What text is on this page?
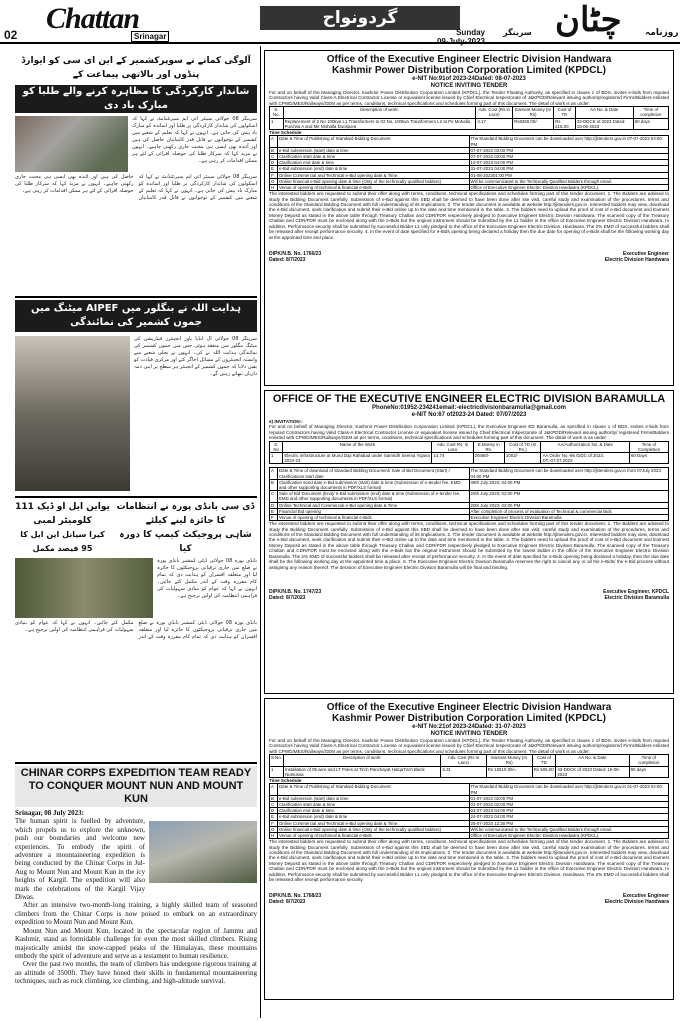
02 Chattan
Srinagar
گردونواح
Sunday
09-July-2023
سرینگر چٹان	روزنامہ
آلوگی کمانے نے سوپرکشمیر کے این ای سی کو ایوارڈ پنڈوں اور بالاتھی پیماعت کے
شاندار کارکردگی کا مظاہرہ کرنے والے طلبا کو مبارک باد دی
سرینگر 08 جولائی سینئر آئی ایم سپرنٹنڈنٹ نے کہا کہ اسکولوں کی شاندار کارکردگی پر طلبا اور اساتذہ کو مبارک باد پیش کی جاتی ہے۔ انہوں نے کہا کہ تعلیم کے شعبے میں کشمیر کے نوجوانوں نے قابل قدر کامیابیاں حاصل کی ہیں اور آئندہ بھی ایسی ہی محنت جاری رکھنی چاہیے۔ انہوں نے مزید کہا کہ سرکار طلبا کی حوصلہ افزائی کے لئے ہر ممکن اقدامات کر رہی ہے۔
سرینگر 08 جولائی سینئر آئی ایم سپرنٹنڈنٹ نے کہا کہ اسکولوں کی شاندار کارکردگی پر طلبا اور اساتذہ کو مبارک باد پیش کی جاتی ہے۔ انہوں نے کہا کہ تعلیم کے شعبے میں کشمیر کے نوجوانوں نے قابل قدر کامیابیاں حاصل کی ہیں اور آئندہ بھی ایسی ہی محنت جاری رکھنی چاہیے۔ انہوں نے مزید کہا کہ سرکار طلبا کی حوصلہ افزائی کے لئے ہر ممکن اقدامات کر رہی ہے۔
ہدایت اللہ نے بنگلور میں AIPEF میٹنگ میں جموں کشمیر کی نمائندگی
سرینگر 08 جولائی آل انڈیا پاور انجینئرز فیڈریشن کی میٹنگ بنگلور میں منعقد ہوئی جس میں جموں کشمیر کی نمائندگی ہدایت اللہ نے کی۔ انہوں نے بجلی شعبے سے وابستہ انجینئروں کے مسائل اجاگر کئے اور مرکزی قیادت کو یقین دلایا کہ جموں کشمیر کے انجینئر ہر سطح پر اپنی ذمہ داریاں نبھاتے رہیں گے۔
یواین ایل او ڈیک 111 کلومیٹر لمبی
کیرا سیانل این ایل کا 95 فیصد مکمل
ڈی سی بانڈی پورہ نے انتظامات کا جائزہ لینے کیلئے
شاہی پروجیکٹ کیمپ کا دورہ کیا
بانڈی پورہ 08 جولائی ڈپٹی کمشنر بانڈی پورہ نے ضلع میں جاری ترقیاتی پروجیکٹوں کا جائزہ لیا اور متعلقہ افسران کو ہدایت دی کہ تمام کام مقررہ وقت کے اندر مکمل کئے جائیں۔ انہوں نے کہا کہ عوام کو بنیادی سہولیات کی فراہمی انتظامیہ کی اولین ترجیح ہے۔
بانڈی پورہ 08 جولائی ڈپٹی کمشنر بانڈی پورہ نے ضلع میں جاری ترقیاتی پروجیکٹوں کا جائزہ لیا اور متعلقہ افسران کو ہدایت دی کہ تمام کام مقررہ وقت کے اندر مکمل کئے جائیں۔ انہوں نے کہا کہ عوام کو بنیادی سہولیات کی فراہمی انتظامیہ کی اولین ترجیح ہے۔
CHINAR CORPS EXPEDITION TEAM READY TO CONQUER MOUNT NUN AND MOUNT KUN
Srinagar, 08 July 2023:
The human spirit is fuelled by adventure, which propels us to explore the unknown, push our boundaries and welcome new experiences. To embody the spirit of adventure a mountaineering expedition is being conducted by the Chinar Corps in Jul-Aug to Mount Nun and Mount Kun in the icy heights of Kargil. The expedition will also mark the celebrations of the Kargil Vijay Diwas.
After an intensive two-month-long training, a highly skilled team of seasoned climbers from the Chinar Corps is now poised to embark on an extraordinary expedition to Mount Nun and Mount Kun.
Mount Nun and Mount Kun, located in the spectacular region of Jammu and Kashmir, stand as formidable challenge for even the most skilled climbers. Rising majestically amidst the snow-capped peaks of the Himalayas, these mountains embody the spirit of adventure and serve as a testament to human resilience.
Over the past two months, the team of climbers has undergone rigorous training at an altitude of 3500ft. They have honed their skills in fundamental mountaineering techniques, such as rock climbing, ice climbing, and high-altitude survival.
Office of the Executive Engineer Electric Division Handwara
Kashmir Power Distribution Corporation Limited (KPDCL)
e-NIT No:91of 2023-24Dated: 08-07-2023
NOTICE INVITING TENDER
For and on behalf of the Managing Director, Kashmir Power Distribution Corporation Limited (KPDCL), the Tender Floating Authority, as specified in clause 1 of BDS, invites e-bids from reputed Contractors having Valid Class-A Electrical Contractor License or equivalent license issued by Chief Electrical Inspectorate of J&KPDD/Relevant issuing authority/registered Firms/Bidders enlisted with CPWD/MES/Railways/GEM as per terms, conditions, technical specifications and schedules forming part of this document. The detail of work is as under:
S. No.	Description of work:	Adv. Cost (Rs in Lacs)	Earnest Money (In Rs)	Cost of TD	AA No. & Date	Time of completion
1	Replacement of 2 No 100kva L1 Transformers to 02 No. 100kva Transformers L2 at Pir Mohalla Punzwa A and Mir Mohalla Doolipora	4.17	Rs8350.00/-	Rs 215.00	32-DDCK of 2023 Dated: 15-06-2023	90 days
Time Schedule
A	Date & Time of Publishing of Standard Bidding Document	The Standard Bidding Document can be downloaded over http://jktenders.gov.in 07-07-2023 03:00 PM
B	e-Bid submission (start) date & time	07-07-2023 03:00 PM
C	Clarification start date & time	07-07-2023 03:00 PM
D	Clarification end date & time	10-07-2023 04:00 PM
E	e-Bid submission (end) date & time	31-07-2023 04:00 PM
F	Online Commercial and Technical e-Bid opening date & Time.	01-08-202301:00 PM
G	Online financial e-Bid opening date & time (Only of the technically qualified bidders)	Will be communicated to the Technically Qualified Bidders through email.
H	Venue of opening of technical & financial e-Bids	Office of Executive Engineer Electric Division Handwara (KPDCL).
The interested bidders are requested to submit their offer along with terms, conditions, technical specifications and schedules forming part of this tender document. 1. The Bidders are advised to study the Bidding Document carefully. Submission of e-Bid against this SBD shall be deemed to have been done after site visit, careful study and examination of the procedures, terms and conditions of the Standard Bidding Document with full understanding of its implications. 2. The tender document is available at website http://jktenders.gov.in. Interested bidders may view, download the e-Bid document, seek clarification and submit their e-Bid online up to the date and time mentioned in the table. 3. The bidders need to upload the proof of cost of e-Bid document and Earnest Money Deposit as stated in the above table through Treasury Challan and CDR/FDR respectively pledged to Executive Engineer Electric Division Handwara. The scanned copy of the Treasury Challan and CDR/FDR must be enclosed along with the e-Bids but the original instrument should be submitted by the L1 bidder in the office of Executive Engineer Electric Division Handwara. In addition, Performance security shall be submitted by successful Bidder L1 only pledged to the office of the Executive Engineer Electric Division. Handwara. The 2% EMD of successful bidders shall be released after receipt performance security. 4. In the event of date specified for e-Bids opening being declared a holiday then the due date for opening of e-Bids shall be the following working day at the appointed time and place.
DIPK/N.B. No. 1766/23
Dated: 8/7/2023
Executive Engineer
Electric Division Handwara
OFFICE OF THE EXECUTIVE ENGINEER ELECTRIC DIVISION BARAMULLA
PhoneNo:01952-234241email:-electricdivisionbaramulla@gmail.com
e-NIT No:67 of2023-24 Dated: 07/07/2023
e) INVITATION:-
For and on behalf of Managing Director, Kashmir Power Distribution Corporation Limited (KPDCL), the Executive Engineer ED Baramulla, as specified in clause 1 of BDS, invites e-bids from reputed Contractors having Valid Class-A Electrical Contractor License or equivalent license issued by Chief Electrical Inspectorate of J&KPDD/Relevant issuing authority/ registered Firms/Bidders enlisted with CPWD/MES/Railways/GEM as per terms, conditions, technical specifications and schedules forming part of this document. The detail of work is as under:
S. No	Name of the Work	Adv. Cost Rs. In Lacs	E.Money in Rs.	Cost of TD (In Rs.)	AA/Authorization No. & Date	Time of Completion
1	Electric infrastructure at Mund Daji Rafiabad under Samridh Seema Yojana 2023-24	14.74	29480/-	1003/-	AA Order No.-96 /DDC of 2023, DT.-07.07.2023	60 Days
A	Date & Time of download of Standard Bidding Document/ Sale of Bid Document (Start) / Clarifications start date	The Standard Bidding Document can be downloaded over http://jktenders.gov.in from 07July 2023; 04:00 PM
B	Clarification send date e-Bid submission (start) date & time (Submission of e-tender fee, EMD and other supporting documents in PDF/XLS format)	08th July 2023; 04:00 PM
C	Sale of Bid Document (End)/ e-Bid submission (end) date & time (Submission of e-tender fee, EMD and other supporting documents in PDF/XLS format)	20th July 2023; 02:00 PM
D	Online Technical and Commercial e-Bid opening date & Time	20th July 2023; 02:00 PM
E	Financial Bid opening	After completion of process of evaluation of Technical & commercial Bids
F	Venue of opening of technical & financial e-Bids	Executive Engineer Electric Division Baramulla
The interested bidders are requested to submit their offer along with terms, conditions, technical specifications and schedules forming part of this tender document. 1. The Bidders are advised to study the Bidding Document carefully. Submission of e-Bid against this SBD shall be deemed to have been done after site visit, careful study and examination of the procedures, terms and conditions of the Standard Bidding Document with full understanding of its implications. 2. The tender document is available at website http://jktenders.gov.in. Interested bidders may view, download the e-Bid document, seek clarification and submit their e-Bid online up to the date and time mentioned in the table. 3. The bidders need to upload the proof of cost of e-Bid document and Earnest Money Deposit as stated in the above table through Treasury Challan and CDR/FDR respectively pledged to Executive Engineer Electric Division Baramulla. The scanned copy of the Treasury Challan and CDR/FDR must be enclosed along with the e-Bids but the original instrument should be submitted by the lowest bidder in the office of the Executive Engineer Electric Division Baramulla. The 2% EMD of successful bidders shall be released after receipt of performance security. 4. In the event of date specified for e-Bids opening being declared a holiday, then the due date shall be the following working day at the appointed time & place. 5. The Executive Engineer Electric Division Baramulla reserves the right to cancel any or all the e-Bids/ the e-Bid process without assigning any reason thereof. The decision of Executive Engineer Electric Division Baramulla will be final and binding.
DIPK/N.B. No. 1747/23
Dated: 8/7/2023
Executive Engineer, KPDCL
Electric Division Baramulla
Office of the Executive Engineer Electric Division Handwara
Kashmir Power Distribution Corporation Limited (KPDCL)
e-NIT No:21of 2023-24Dated: 31-07-2023
NOTICE INVITING TENDER
For and on behalf of the Managing Director, Kashmir Power Distribution Corporation Limited (KPDCL), the Tender Floating Authority, as specified in clause 1 of BDS, invites e-bids from reputed Contractors having Valid Class-A Electrical Contractor License or equivalent license issued by Chief Electrical Inspectorate of J&KPDD/Relevant issuing authority/registered Firms/Bidders enlisted with CPWD/MES/Railways/GEM as per terms, conditions, technical specifications and schedules forming part of this document. The detail of work is as under:
S.No.	Description of work:	Adv. Cost (Rs in Lacs)	Earnest Money (In Rs)	Cost of TD	AA No. & Date	Time of completion
1	Installation of 05 wire and LT Poles at Tirch Panchayat HalqaTirch Block Nutnussa	6.31	Rs 12610.00/=	Rs 505.00	43-DDCK of 2023 Dated: 15-06-2023	90 days
Time Schedule
A	Date & Time of Publishing of Standard Bidding Document:	The Standard Bidding Document can be downloaded over http://jktenders.gov.in 01-07-2023 02:00 PM
B	e-Bid submission (start) date & time	01-07-2023 02:00 PM
C	Clarification start date & time	01-07-2023 02:00 PM
D	Clarification end date & time.	03-07-2023 04:00 PM
E	e-Bid submission (end) date & time	24-07-2023 04:00 PM
F	Online Commercial and Technical e-Bid opening date & Time.	25-07-2023 12:30 PM
G	Online financial e-Bid opening date & time (Only of the technically qualified bidders)	Will be communicated to the Technically Qualified Bidders through email.
H	Venue of opening of technical & financial e-Bids	Office of Executive Engineer Electric Division Handwara (KPDCL).
The interested bidders are requested to submit their offer along with terms, conditions, technical specifications and schedules forming part of this tender document. 1. The Bidders are advised to study the Bidding Document carefully. Submission of e-Bid against this SBD shall be deemed to have been done after site visit, careful study and examination of the procedures, terms and conditions of the Standard Bidding Document with full understanding of its implications. 2. The tender document is available at website http://jktenders.gov.in. Interested bidders may view, download the e-Bid document, seek clarification and submit their e-Bid online up to the date and time mentioned in the table. 3. The bidders need to upload the proof of cost of e-Bid document and Earnest Money Deposit as stated in the above table through Treasury Challan and CDR/FDR respectively pledged to Executive Engineer Electric Division Handwara. The scanned copy of the Treasury Challan and CDR/FDR must be enclosed along with the e-Bids but the original instrument should be submitted by the L1 bidder in the office of Executive Engineer Electric Division Handwara. In addition, Performance security shall be submitted by successful Bidder L1 only pledged to the office of the Executive Engineer Electric Division. Handwara. The 2% EMD of successful bidders shall be released after receipt performance security.
DIPK/N.B. No. 1768/23
Dated: 8/7/2023
Executive Engineer
Electric Division Handwara
